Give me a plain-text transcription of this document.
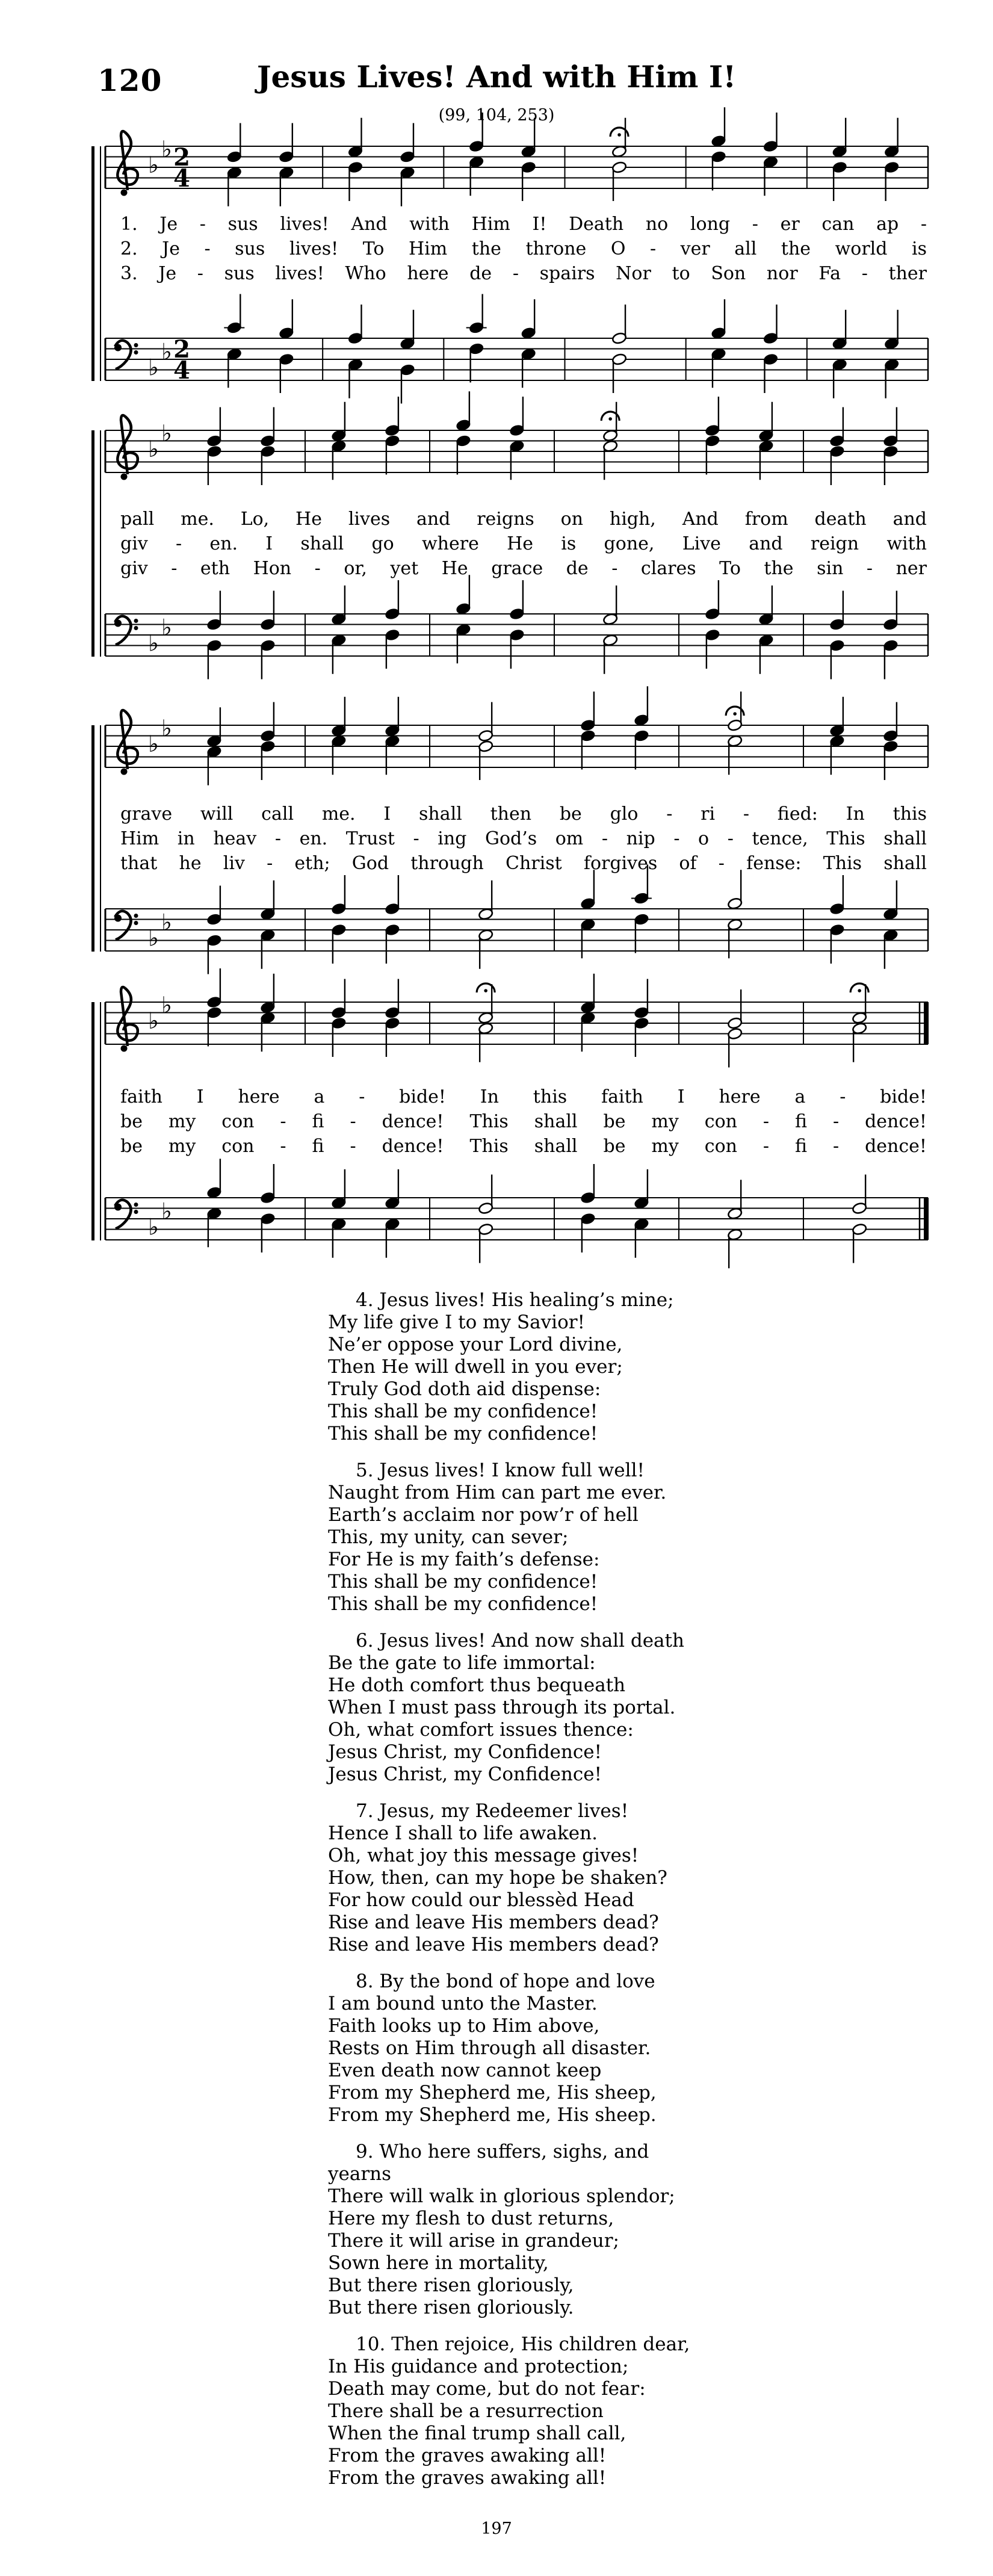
120	Jesus Lives! And with Him I!
(99, 104, 253)
♭
♭ 2
4
1. Je - sus lives! And with Him I! Death no long - er can ap -
2. Je - sus lives! To Him the throne O - ver all the world is
3. Je - sus lives! Who here de - spairs Nor to Son nor Fa - ther
♭
♭ 2
4
♭
♭
pall me. Lo, He lives and reigns on high, And from death and
giv - en. I shall go where He is gone, Live and reign with
giv - eth Hon - or, yet He grace de - clares To the sin - ner
♭
♭
♭
♭
grave will call me. I shall then be glo - ri - fied: In this
Him in heav - en. Trust - ing God’s om - nip - o - tence, This shall
that he liv - eth; God through Christ forgives of - fense: This shall
♭
♭
♭
♭
faith I here a - bide! In this faith I here a - bide!
be my con - fi - dence! This shall be my con - fi - dence!
be my con - fi - dence! This shall be my con - fi - dence!
♭
♭
4. Jesus lives! His healing’s mine;
My life give I to my Savior!
Ne’er oppose your Lord divine,
Then He will dwell in you ever;
Truly God doth aid dispense:
This shall be my confidence!
This shall be my confidence!
5. Jesus lives! I know full well!
Naught from Him can part me ever.
Earth’s acclaim nor pow’r of hell
This, my unity, can sever;
For He is my faith’s defense:
This shall be my confidence!
This shall be my confidence!
6. Jesus lives! And now shall death
Be the gate to life immortal:
He doth comfort thus bequeath
When I must pass through its portal.
Oh, what comfort issues thence:
Jesus Christ, my Confidence!
Jesus Christ, my Confidence!
7. Jesus, my Redeemer lives!
Hence I shall to life awaken.
Oh, what joy this message gives!
How, then, can my hope be shaken?
For how could our blessèd Head
Rise and leave His members dead?
Rise and leave His members dead?
8. By the bond of hope and love
I am bound unto the Master.
Faith looks up to Him above,
Rests on Him through all disaster.
Even death now cannot keep
From my Shepherd me, His sheep,
From my Shepherd me, His sheep.
9. Who here suffers, sighs, and yearns
There will walk in glorious splendor;
Here my flesh to dust returns,
There it will arise in grandeur;
Sown here in mortality,
But there risen gloriously,
But there risen gloriously.
10. Then rejoice, His children dear,
In His guidance and protection;
Death may come, but do not fear:
There shall be a resurrection
When the final trump shall call,
From the graves awaking all!
From the graves awaking all!
197
